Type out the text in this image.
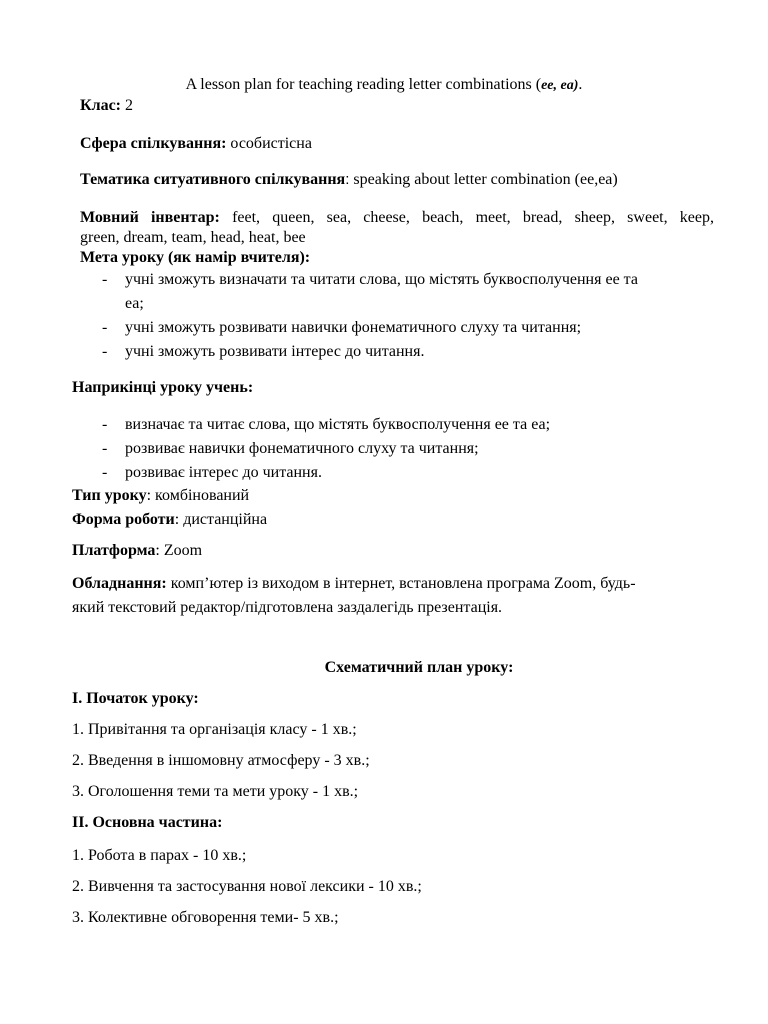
A lesson plan for teaching reading letter combinations (ee, ea).
Клас: 2
Сфера спілкування: особистісна
Тематика ситуативного спілкування: speaking about letter combination (ee,ea)
Мовний інвентар: feet, queen, sea, cheese, beach, meet, bread, sheep, sweet, keep,
green, dream, team, head, heat, bee
Мета уроку (як намір вчителя):
- учні зможуть визначати та читати слова, що містять буквосполучення ее та
еа;
- учні зможуть розвивати навички фонематичного слуху та читання;
- учні зможуть розвивати інтерес до читання.
Наприкінці уроку учень:
- визначає та читає слова, що містять буквосполучення ее та еа;
- розвиває навички фонематичного слуху та читання;
- розвиває інтерес до читання.
Тип уроку: комбінований
Форма роботи: дистанційна
Платформа: Zoom
Обладнання: комп’ютер із виходом в інтернет, встановлена програма Zoom, будь-
який текстовий редактор/підготовлена заздалегідь презентація.
Схематичний план уроку:
I. Початок уроку:
1. Привітання та організація класу - 1 хв.;
2. Введення в іншомовну атмосферу - 3 хв.;
3. Оголошення теми та мети уроку - 1 хв.;
II. Основна частина:
1. Робота в парах - 10 хв.;
2. Вивчення та застосування нової лексики - 10 хв.;
3. Колективне обговорення теми- 5 хв.;
